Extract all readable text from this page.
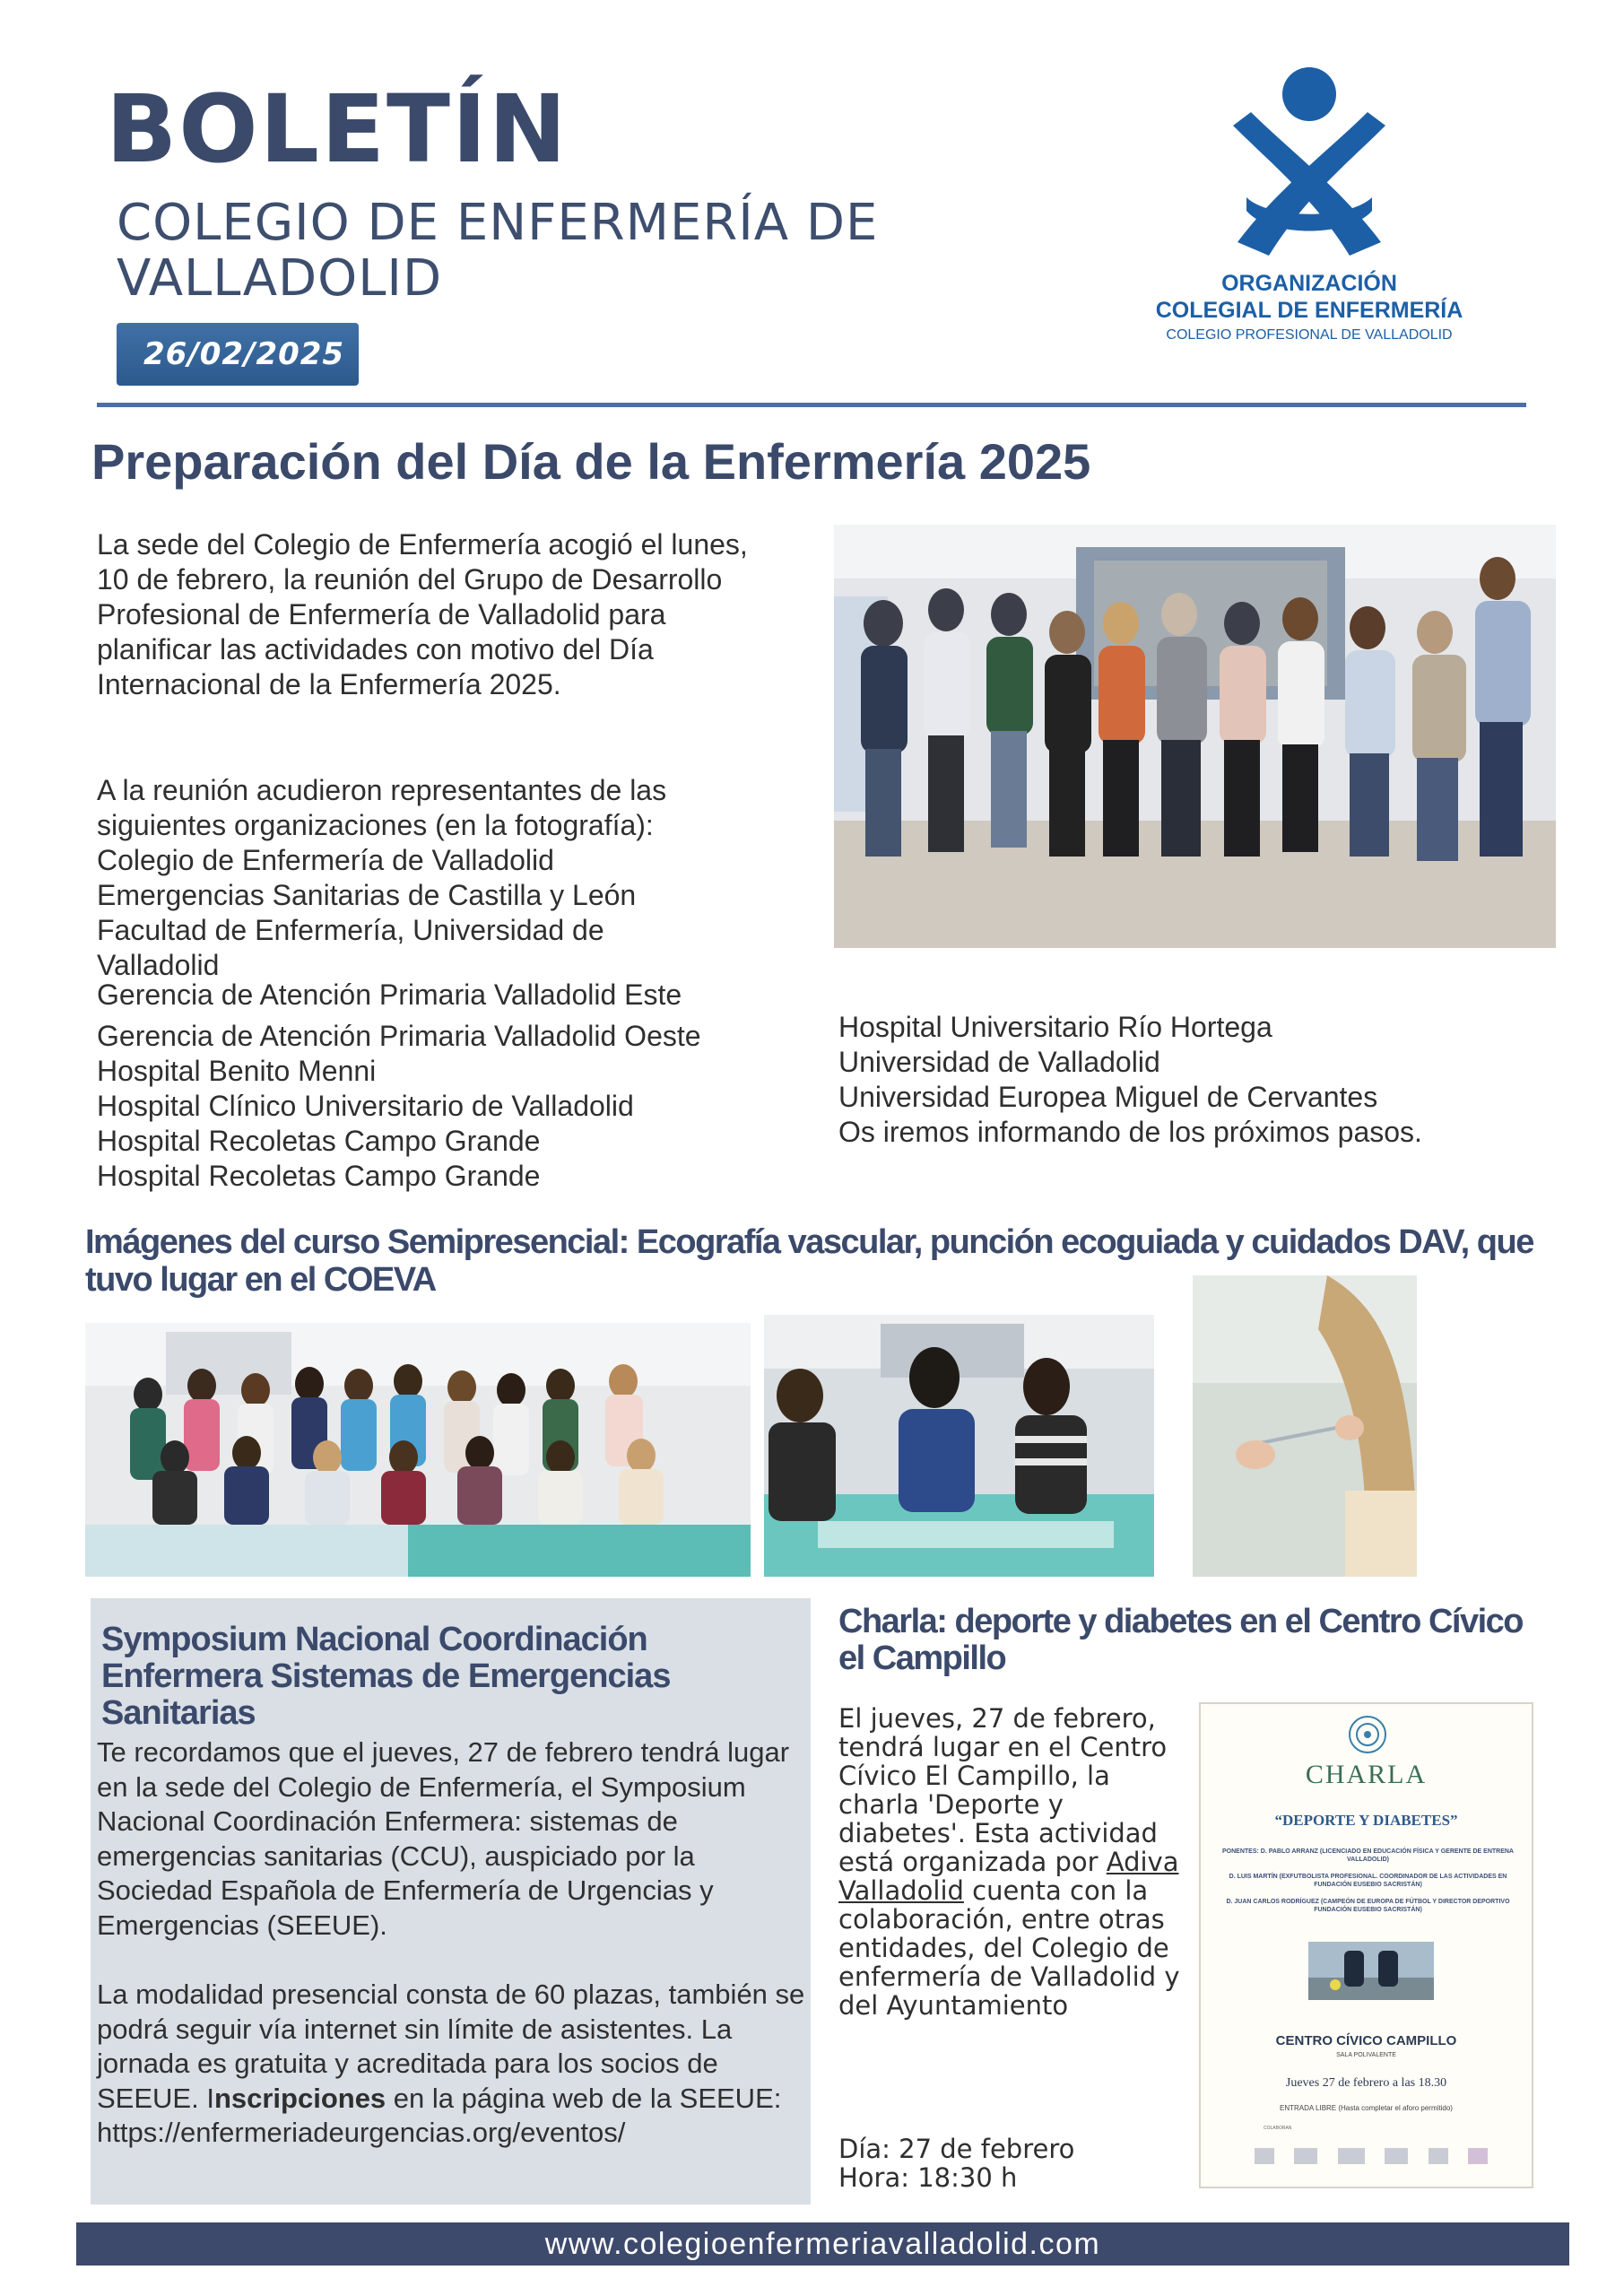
BOLETÍN
COLEGIO DE ENFERMERÍA DE VALLADOLID
26/02/2025
ORGANIZACIÓN
COLEGIAL DE ENFERMERÍA
COLEGIO PROFESIONAL DE VALLADOLID
Preparación del Día de la Enfermería 2025

La sede del Colegio de Enfermería acogió el lunes, 10 de febrero, la reunión del Grupo de Desarrollo Profesional de Enfermería de Valladolid para planificar las actividades con motivo del Día Internacional de la Enfermería 2025.

A la reunión acudieron representantes de las siguientes organizaciones (en la fotografía):

Colegio de Enfermería de Valladolid
Emergencias Sanitarias de Castilla y León
Facultad de Enfermería, Universidad de Valladolid
Gerencia de Atención Primaria Valladolid Este
Gerencia de Atención Primaria Valladolid Oeste
Hospital Benito Menni
Hospital Clínico Universitario de Valladolid
Hospital Recoletas Campo Grande
Hospital Recoletas Campo Grande
Hospital Universitario Río Hortega
Universidad de Valladolid
Universidad Europea Miguel de Cervantes
Os iremos informando de los próximos pasos.
Imágenes del curso Semipresencial: Ecografía vascular, punción ecoguiada y cuidados DAV, que tuvo lugar en el COEVA
Symposium Nacional Coordinación Enfermera Sistemas de Emergencias Sanitarias

Te recordamos que el jueves, 27 de febrero tendrá lugar en la sede del Colegio de Enfermería, el Symposium Nacional Coordinación Enfermera: sistemas de emergencias sanitarias (CCU), auspiciado por la Sociedad Española de Enfermería de Urgencias y Emergencias (SEEUE).

La modalidad presencial consta de 60 plazas, también se podrá seguir vía internet sin límite de asistentes. La jornada es gratuita y acreditada para los socios de SEEUE. Inscripciones en la página web de la SEEUE:
https://enfermeriadeurgencias.org/eventos/

Charla: deporte y diabetes en el Centro Cívico el Campillo

El jueves, 27 de febrero, tendrá lugar en el Centro Cívico El Campillo, la charla 'Deporte y diabetes'. Esta actividad está organizada por Adiva Valladolid cuenta con la colaboración, entre otras entidades, del Colegio de enfermería de Valladolid y del Ayuntamiento

Día: 27 de febrero
Hora: 18:30 h
CHARLA
“DEPORTE Y DIABETES”
PONENTES: D. PABLO ARRANZ (LICENCIADO EN EDUCACIÓN FÍSICA Y GERENTE DE ENTRENA VALLADOLID)
D. LUIS MARTÍN (EXFUTBOLISTA PROFESIONAL. COORDINADOR DE LAS ACTIVIDADES EN FUNDACIÓN EUSEBIO SACRISTÁN)
D. JUAN CARLOS RODRÍGUEZ (CAMPEÓN DE EUROPA DE FÚTBOL Y DIRECTOR DEPORTIVO FUNDACIÓN EUSEBIO SACRISTÁN)
CENTRO CÍVICO CAMPILLO
SALA POLIVALENTE
Jueves 27 de febrero a las 18.30
ENTRADA LIBRE (Hasta completar el aforo permitido)
COLABORAN
www.colegioenfermeriavalladolid.com
